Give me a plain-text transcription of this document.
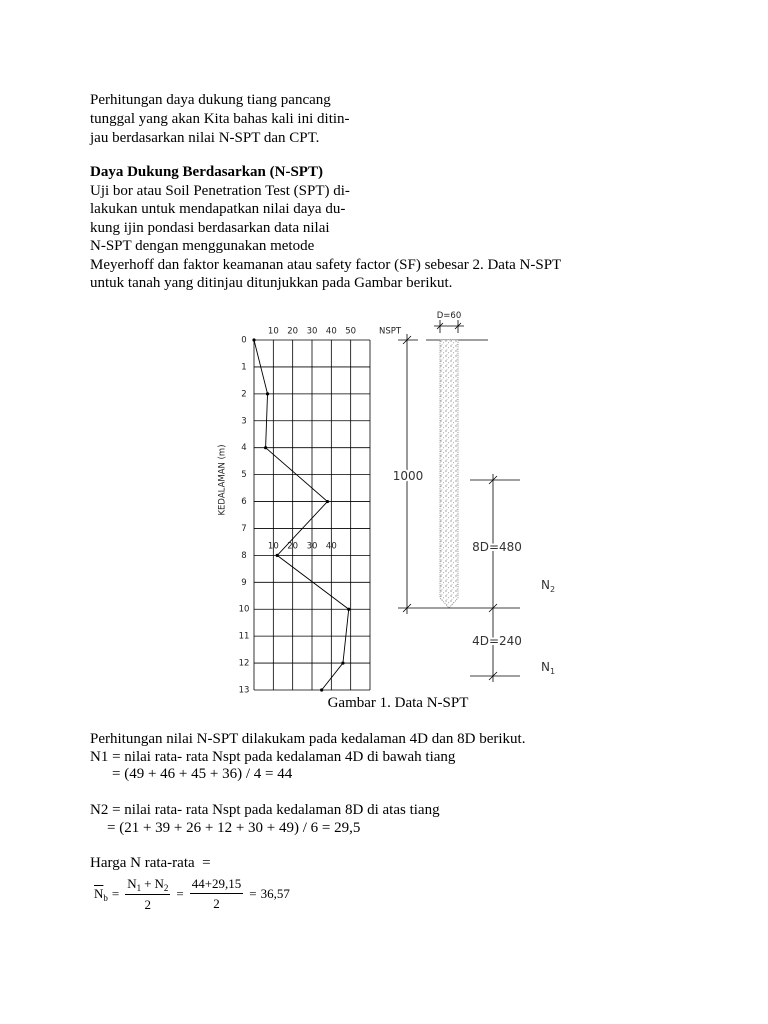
Perhitungan daya dukung tiang pancang
tunggal yang akan Kita bahas kali ini ditin-
jau berdasarkan nilai N-SPT dan CPT.
Daya Dukung Berdasarkan (N-SPT)
Uji bor atau Soil Penetration Test (SPT) di-
lakukan untuk mendapatkan nilai daya du-
kung ijin pondasi berdasarkan data nilai
N-SPT dengan menggunakan metode
Meyerhoff dan faktor keamanan atau safety factor (SF) sebesar 2. Data N-SPT
untuk tanah yang ditinjau ditunjukkan pada Gambar berikut.
10 20 30 40 50
10 20 30 40
0
1
2
3
4
5
6
7
8
9
10
11
12
13
NSPT
KEDALAMAN (m)
D=60
1000
8D=480
4D=240
$N_2$
$N_1$
Gambar 1. Data N-SPT
Perhitungan nilai N-SPT dilakukam pada kedalaman 4D dan 8D berikut.
N1 = nilai rata- rata Nspt pada kedalaman 4D di bawah tiang
= (49 + 46 + 45 + 36) / 4 = 44
N2 = nilai rata- rata Nspt pada kedalaman 8D di atas tiang
= (21 + 39 + 26 + 12 + 30 + 49) / 6 = 29,5
Harga N rata-rata  =
$\overline{N}_b = \frac{N_1 + N_2}{2} = \frac{44+29,15}{2} = 36,57$
